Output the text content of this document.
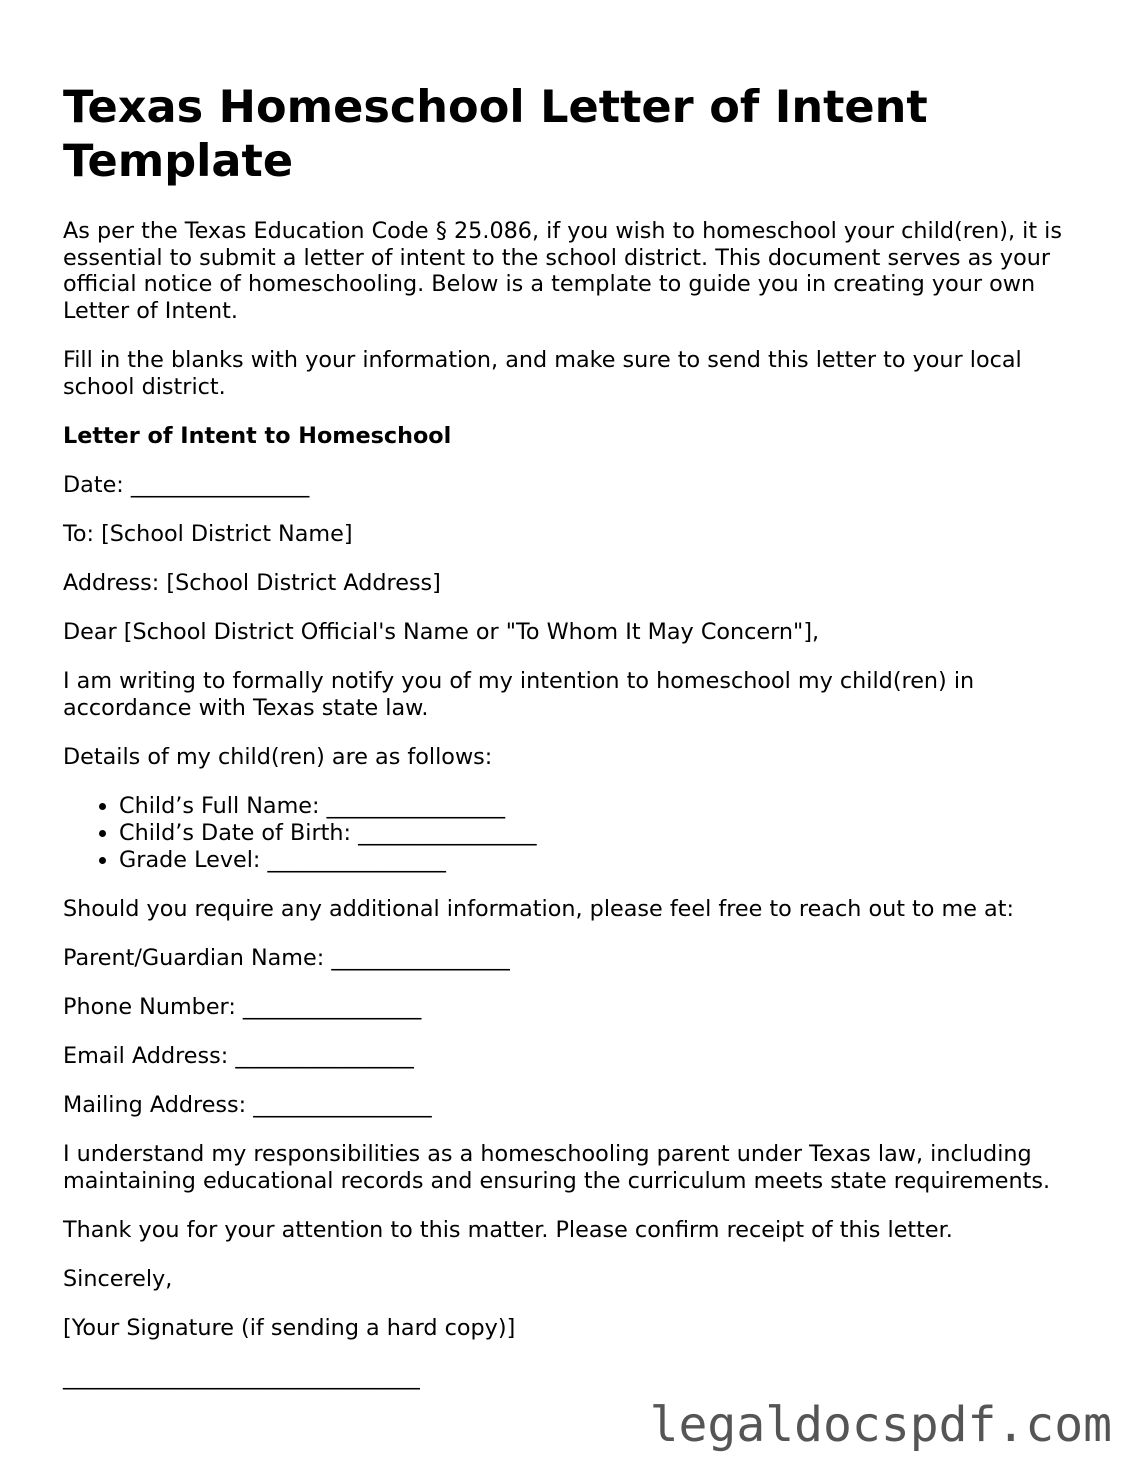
Texas Homeschool Letter of Intent Template

As per the Texas Education Code § 25.086, if you wish to homeschool your child(ren), it is essential to submit a letter of intent to the school district. This document serves as your official notice of homeschooling. Below is a template to guide you in creating your own Letter of Intent.

Fill in the blanks with your information, and make sure to send this letter to your local school district.

Letter of Intent to Homeschool

Date: ________________

To: [School District Name]

Address: [School District Address]

Dear [School District Official's Name or "To Whom It May Concern"],

I am writing to formally notify you of my intention to homeschool my child(ren) in accordance with Texas state law.

Details of my child(ren) are as follows:

• Child’s Full Name: ________________
• Child’s Date of Birth: ________________
• Grade Level: ________________

Should you require any additional information, please feel free to reach out to me at:

Parent/Guardian Name: ________________

Phone Number: ________________

Email Address: ________________

Mailing Address: ________________

I understand my responsibilities as a homeschooling parent under Texas law, including maintaining educational records and ensuring the curriculum meets state requirements.

Thank you for your attention to this matter. Please confirm receipt of this letter.

Sincerely,

[Your Signature (if sending a hard copy)]

________________________________

legaldocspdf.com
